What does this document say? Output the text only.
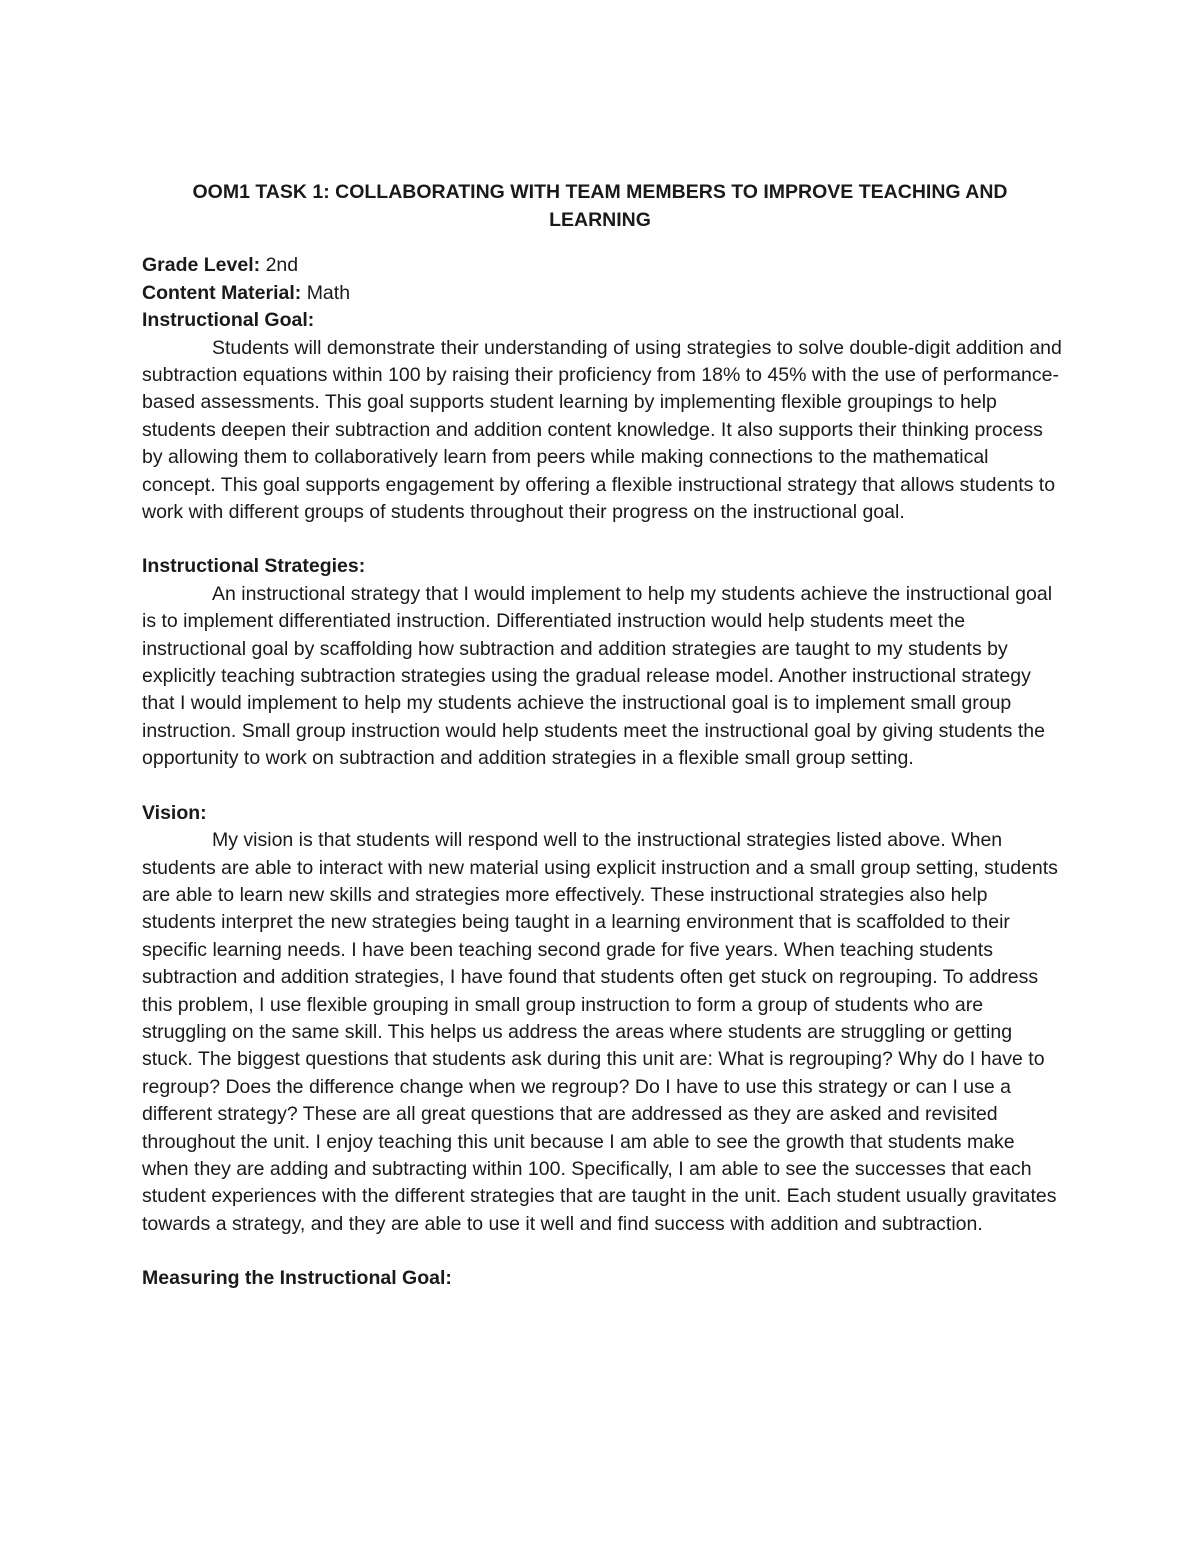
OOM1 TASK 1: COLLABORATING WITH TEAM MEMBERS TO IMPROVE TEACHING AND LEARNING

Grade Level: 2nd

Content Material: Math

Instructional Goal:

Students will demonstrate their understanding of using strategies to solve double-digit addition and subtraction equations within 100 by raising their proficiency from 18% to 45% with the use of performance-based assessments. This goal supports student learning by implementing flexible groupings to help students deepen their subtraction and addition content knowledge. It also supports their thinking process by allowing them to collaboratively learn from peers while making connections to the mathematical concept. This goal supports engagement by offering a flexible instructional strategy that allows students to work with different groups of students throughout their progress on the instructional goal.

Instructional Strategies:

An instructional strategy that I would implement to help my students achieve the instructional goal is to implement differentiated instruction. Differentiated instruction would help students meet the instructional goal by scaffolding how subtraction and addition strategies are taught to my students by explicitly teaching subtraction strategies using the gradual release model. Another instructional strategy that I would implement to help my students achieve the instructional goal is to implement small group instruction. Small group instruction would help students meet the instructional goal by giving students the opportunity to work on subtraction and addition strategies in a flexible small group setting.

Vision:

My vision is that students will respond well to the instructional strategies listed above. When students are able to interact with new material using explicit instruction and a small group setting, students are able to learn new skills and strategies more effectively. These instructional strategies also help students interpret the new strategies being taught in a learning environment that is scaffolded to their specific learning needs. I have been teaching second grade for five years. When teaching students subtraction and addition strategies, I have found that students often get stuck on regrouping. To address this problem, I use flexible grouping in small group instruction to form a group of students who are struggling on the same skill. This helps us address the areas where students are struggling or getting stuck. The biggest questions that students ask during this unit are: What is regrouping? Why do I have to regroup? Does the difference change when we regroup? Do I have to use this strategy or can I use a different strategy? These are all great questions that are addressed as they are asked and revisited throughout the unit. I enjoy teaching this unit because I am able to see the growth that students make when they are adding and subtracting within 100. Specifically, I am able to see the successes that each student experiences with the different strategies that are taught in the unit. Each student usually gravitates towards a strategy, and they are able to use it well and find success with addition and subtraction.

Measuring the Instructional Goal:
